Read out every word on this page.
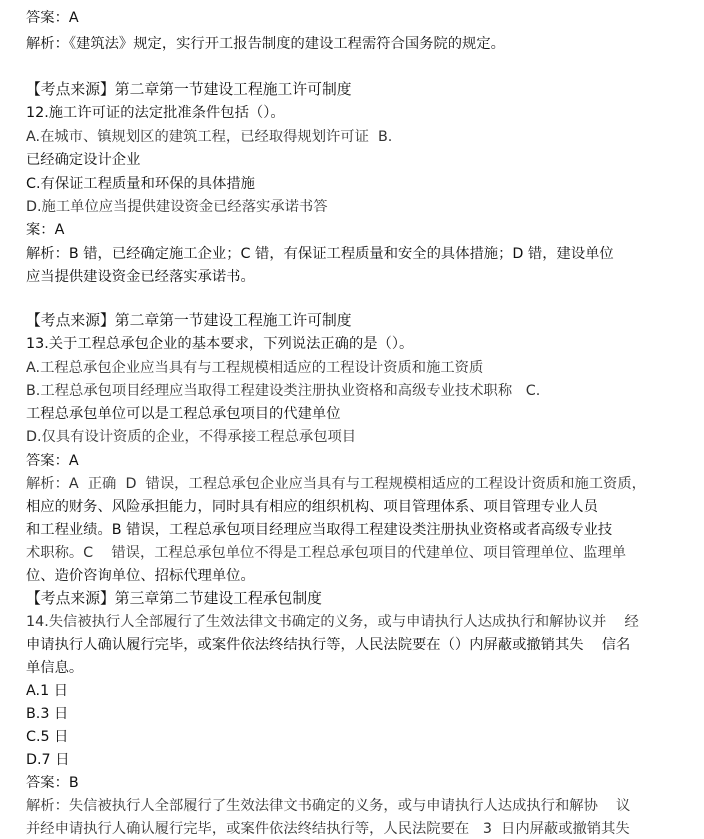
答案：A
解析：《建筑法》规定，实行开工报告制度的建设工程需符合国务院的规定。
【考点来源】第二章第一节建设工程施工许可制度
12.施工许可证的法定批准条件包括（）。
A.在城市、镇规划区的建筑工程，已经取得规划许可证  B.
已经确定设计企业
C.有保证工程质量和环保的具体措施
D.施工单位应当提供建设资金已经落实承诺书答
案：A
解析：B 错，已经确定施工企业；C 错，有保证工程质量和安全的具体措施；D 错，建设单位
应当提供建设资金已经落实承诺书。
【考点来源】第二章第一节建设工程施工许可制度
13.关于工程总承包企业的基本要求，下列说法正确的是（）。
A.工程总承包企业应当具有与工程规模相适应的工程设计资质和施工资质
B.工程总承包项目经理应当取得工程建设类注册执业资格和高级专业技术职称   C.
工程总承包单位可以是工程总承包项目的代建单位
D.仅具有设计资质的企业，不得承接工程总承包项目
答案：A
解析：A  正确  D  错误，工程总承包企业应当具有与工程规模相适应的工程设计资质和施工资质，
相应的财务、风险承担能力，同时具有相应的组织机构、项目管理体系、项目管理专业人员
和工程业绩。B 错误，工程总承包项目经理应当取得工程建设类注册执业资格或者高级专业技
术职称。C    错误，工程总承包单位不得是工程总承包项目的代建单位、项目管理单位、监理单
位、造价咨询单位、招标代理单位。
【考点来源】第三章第二节建设工程承包制度
14.失信被执行人全部履行了生效法律文书确定的义务，或与申请执行人达成执行和解协议并    经
申请执行人确认履行完毕，或案件依法终结执行等，人民法院要在（）内屏蔽或撤销其失    信名
单信息。
A.1 日
B.3 日
C.5 日
D.7 日
答案：B
解析：失信被执行人全部履行了生效法律文书确定的义务，或与申请执行人达成执行和解协    议
并经申请执行人确认履行完毕，或案件依法终结执行等，人民法院要在   3  日内屏蔽或撤销其失
